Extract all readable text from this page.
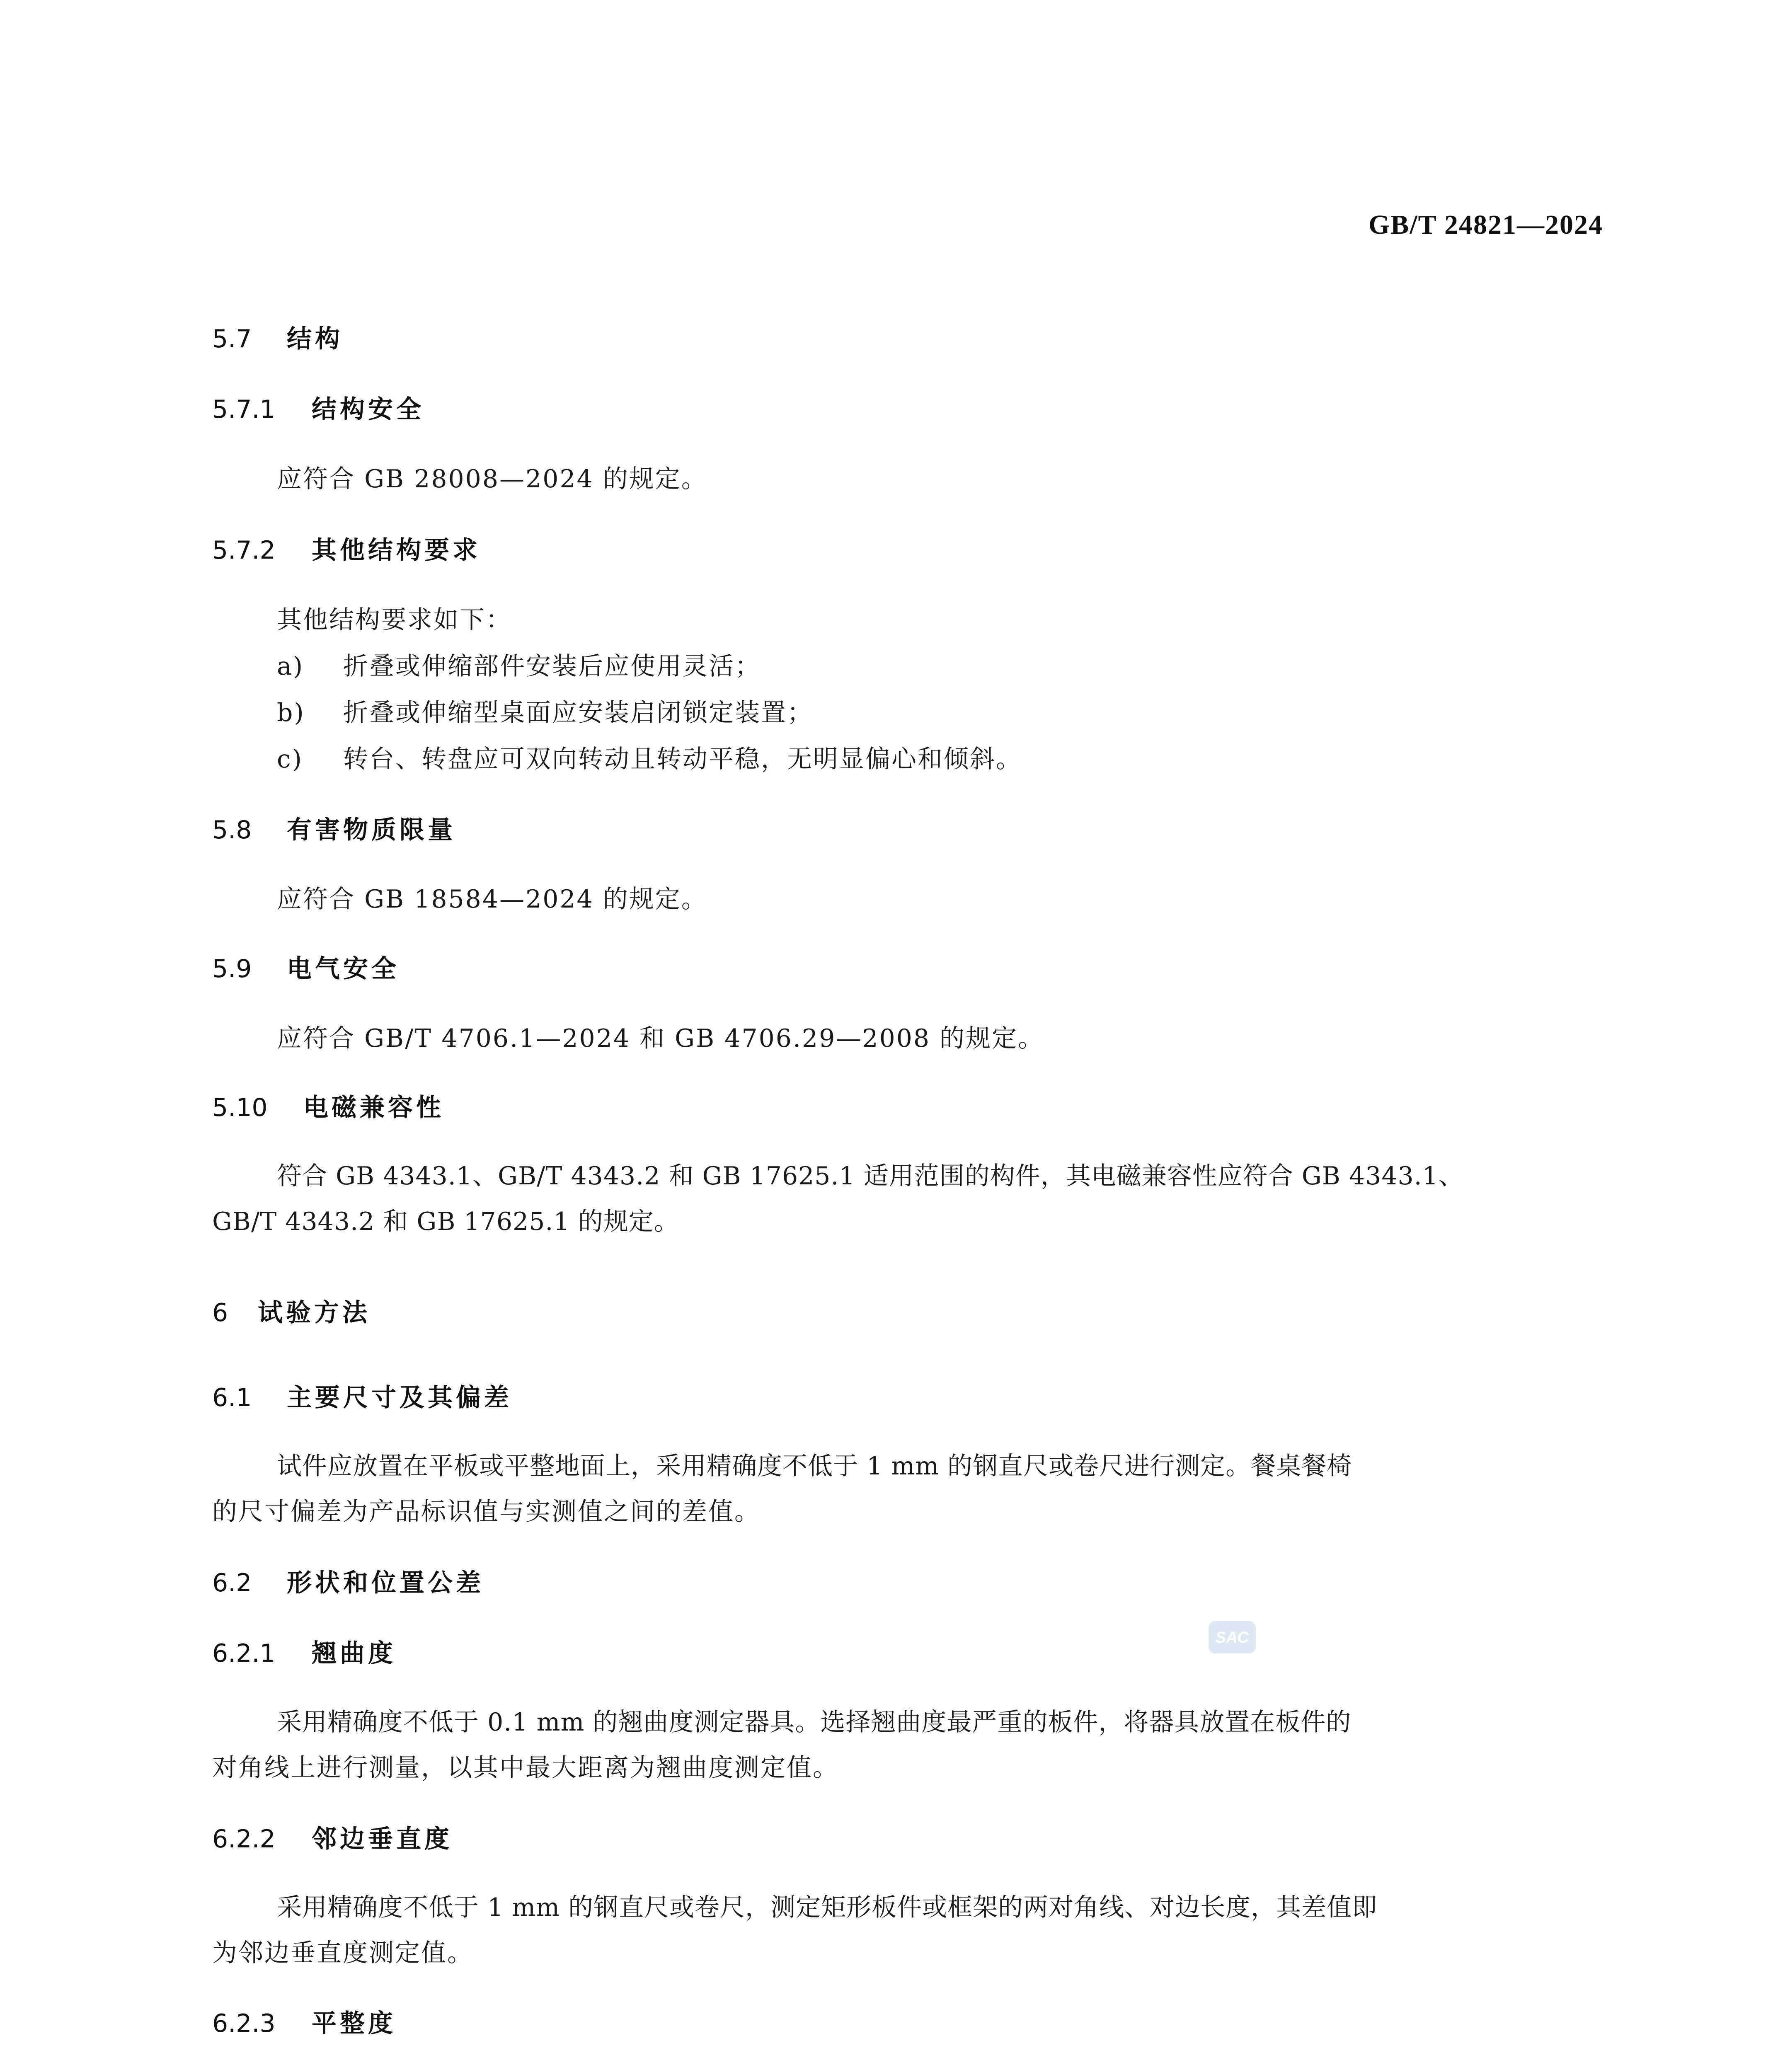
GB/T 24821—2024
5.7 结构
5.7.1 结构安全
应符合 GB 28008—2024 的规定。
5.7.2 其他结构要求
其他结构要求如下：
a) 折叠或伸缩部件安装后应使用灵活；
b) 折叠或伸缩型桌面应安装启闭锁定装置；
c) 转台、转盘应可双向转动且转动平稳，无明显偏心和倾斜。
5.8 有害物质限量
应符合 GB 18584—2024 的规定。
5.9 电气安全
应符合 GB/T 4706.1—2024 和 GB 4706.29—2008 的规定。
5.10 电磁兼容性
符合 GB 4343.1、GB/T 4343.2 和 GB 17625.1 适用范围的构件，其电磁兼容性应符合 GB 4343.1、
GB/T 4343.2 和 GB 17625.1 的规定。
6 试验方法
6.1 主要尺寸及其偏差
试件应放置在平板或平整地面上，采用精确度不低于 1 mm 的钢直尺或卷尺进行测定。餐桌餐椅
的尺寸偏差为产品标识值与实测值之间的差值。
6.2 形状和位置公差
6.2.1 翘曲度
采用精确度不低于 0.1 mm 的翘曲度测定器具。选择翘曲度最严重的板件，将器具放置在板件的
对角线上进行测量，以其中最大距离为翘曲度测定值。
6.2.2 邻边垂直度
采用精确度不低于 1 mm 的钢直尺或卷尺，测定矩形板件或框架的两对角线、对边长度，其差值即
为邻边垂直度测定值。
6.2.3 平整度
SAC
